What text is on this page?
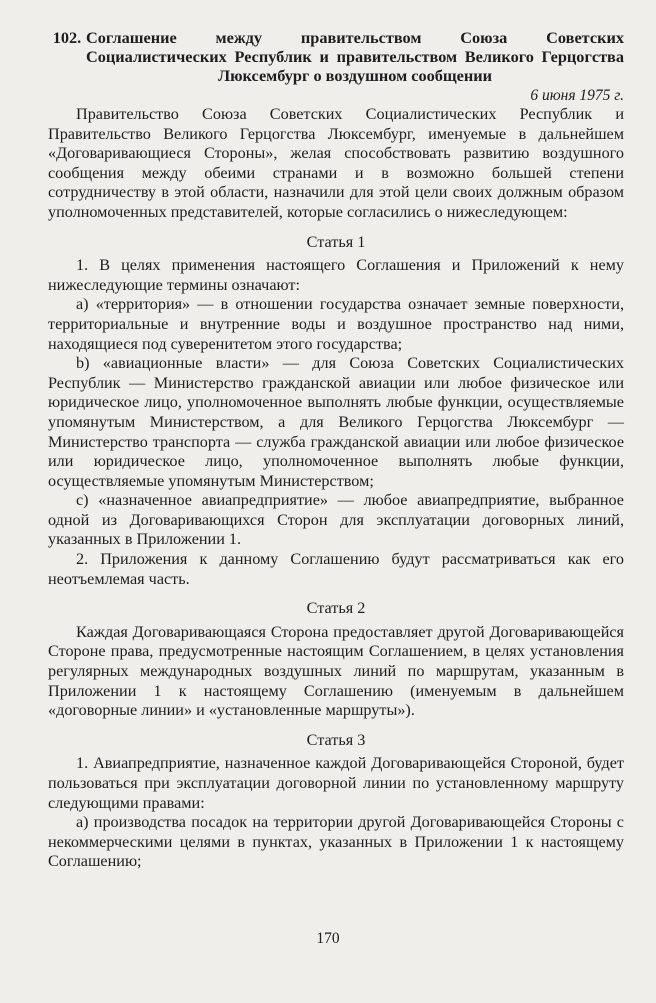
102. Соглашение между правительством Союза Советских Социалистических Республик и правительством Великого Герцогства Люксембург о воздушном сообщении
6 июня 1975 г.

Правительство Союза Советских Социалистических Республик и Правительство Великого Герцогства Люксембург, именуемые в дальнейшем «Договаривающиеся Стороны», желая способствовать развитию воздушного сообщения между обеими странами и в возможно большей степени сотрудничеству в этой области, назначили для этой цели своих должным образом уполномоченных представителей, которые согласились о нижеследующем:

Статья 1

1. В целях применения настоящего Соглашения и Приложений к нему нижеследующие термины означают:

а) «территория» — в отношении государства означает земные поверхности, территориальные и внутренние воды и воздушное пространство над ними, находящиеся под суверенитетом этого государства;

b) «авиационные власти» — для Союза Советских Социалистических Республик — Министерство гражданской авиации или любое физическое или юридическое лицо, уполномоченное выполнять любые функции, осуществляемые упомянутым Министерством, а для Великого Герцогства Люксембург — Министерство транспорта — служба гражданской авиации или любое физическое или юридическое лицо, уполномоченное выполнять любые функции, осуществляемые упомянутым Министерством;

с) «назначенное авиапредприятие» — любое авиапредприятие, выбранное одной из Договаривающихся Сторон для эксплуатации договорных линий, указанных в Приложении 1.

2. Приложения к данному Соглашению будут рассматриваться как его неотъемлемая часть.

Статья 2

Каждая Договаривающаяся Сторона предоставляет другой Договаривающейся Стороне права, предусмотренные настоящим Соглашением, в целях установления регулярных международных воздушных линий по маршрутам, указанным в Приложении 1 к настоящему Соглашению (именуемым в дальнейшем «договорные линии» и «установленные маршруты»).

Статья 3

1. Авиапредприятие, назначенное каждой Договаривающейся Стороной, будет пользоваться при эксплуатации договорной линии по установленному маршруту следующими правами:

а) производства посадок на территории другой Договаривающейся Стороны с некоммерческими целями в пунктах, указанных в Приложении 1 к настоящему Соглашению;

170
